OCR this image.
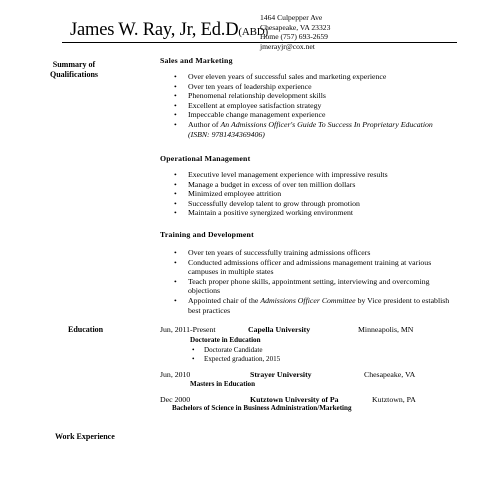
James W. Ray, Jr, Ed.D(ABD)
1464 Culpepper Ave
Chesapeake, VA 23323
Home (757) 693-2659
jmerayjr@cox.net
Summary of
Qualifications
Education
Work Experience
Sales and Marketing
• Over eleven years of successful sales and marketing experience
• Over ten years of leadership experience
• Phenomenal relationship development skills
• Excellent at employee satisfaction strategy
• Impeccable change management experience
• Author of An Admissions Officer's Guide To Success In Proprietary Education (ISBN: 9781434369406)
Operational Management
• Executive level management experience with impressive results
• Manage a budget in excess of over ten million dollars
• Minimized employee attrition
• Successfully develop talent to grow through promotion
• Maintain a positive synergized working environment
Training and Development
• Over ten years of successfully training admissions officers
• Conducted admissions officer and admissions management training at various campuses in multiple states
• Teach proper phone skills, appointment setting, interviewing and overcoming objections
• Appointed chair of the Admissions Officer Committee by Vice president to establish best practices
Jun, 2011-Present	Capella University	Minneapolis, MN
Doctorate in Education
• Doctorate Candidate
• Expected graduation, 2015
Jun, 2010	Strayer University	Chesapeake, VA
Masters in Education
Dec 2000	Kutztown University of Pa	Kutztown, PA
Bachelors of Science in Business Administration/Marketing
